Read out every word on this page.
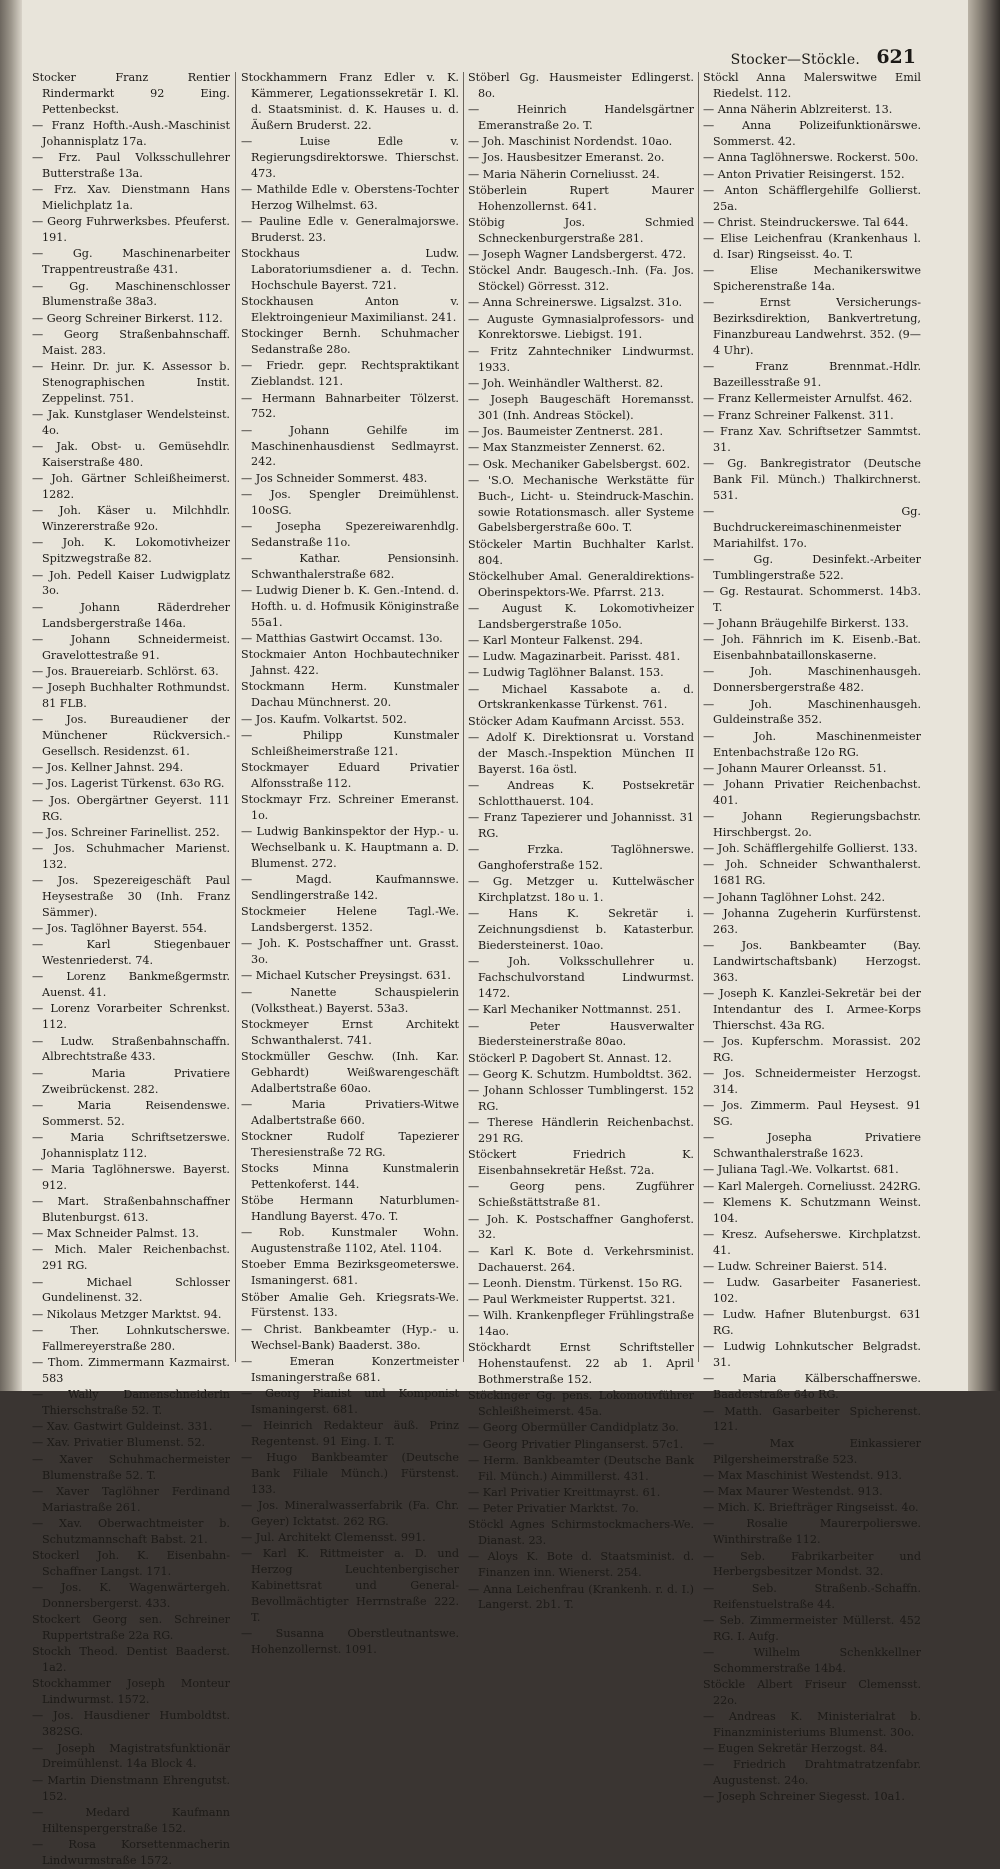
Stocker—Stöckle. 621
Stocker Franz Rentier Rindermarkt 92 Eing. Pettenbeckst.
— Franz Hofth.-Aush.-Maschinist Johannisplatz 17a.
— Frz. Paul Volksschullehrer Butterstraße 13a.
— Frz. Xav. Dienstmann Hans Mielichplatz 1a.
— Georg Fuhrwerksbes. Pfeuferst. 191.
— Gg. Maschinenarbeiter Trappentreustraße 431.
— Gg. Maschinenschlosser Blumenstraße 38a3.
— Georg Schreiner Birkerst. 112.
— Georg Straßenbahnschaff. Maist. 283.
— Heinr. Dr. jur. K. Assessor b. Stenographischen Instit. Zeppelinst. 751.
— Jak. Kunstglaser Wendelsteinst. 4o.
— Jak. Obst- u. Gemüsehdlr. Kaiserstraße 480.
— Joh. Gärtner Schleißheimerst. 1282.
— Joh. Käser u. Milchhdlr. Winzererstraße 92o.
— Joh. K. Lokomotivheizer Spitzwegstraße 82.
— Joh. Pedell Kaiser Ludwigplatz 3o.
— Johann Räderdreher Landsbergerstraße 146a.
— Johann Schneidermeist. Gravelottestraße 91.
— Jos. Brauereiarb. Schlörst. 63.
— Joseph Buchhalter Rothmundst. 81 FLB.
— Jos. Bureaudiener der Münchener Rückversich.-Gesellsch. Residenzst. 61.
— Jos. Kellner Jahnst. 294.
— Jos. Lagerist Türkenst. 63o RG.
— Jos. Obergärtner Geyerst. 111 RG.
— Jos. Schreiner Farinellist. 252.
— Jos. Schuhmacher Marienst. 132.
— Jos. Spezereigeschäft Paul Heysestraße 30 (Inh. Franz Sämmer).
— Jos. Taglöhner Bayerst. 554.
— Karl Stiegenbauer Westenriederst. 74.
— Lorenz Bankmeßgermstr. Auenst. 41.
— Lorenz Vorarbeiter Schrenkst. 112.
— Ludw. Straßenbahnschaffn. Albrechtstraße 433.
— Maria Privatiere Zweibrückenst. 282.
— Maria Reisendenswe. Sommerst. 52.
— Maria Schriftsetzerswe. Johannisplatz 112.
— Maria Taglöhnerswe. Bayerst. 912.
— Mart. Straßenbahnschaffner Blutenburgst. 613.
— Max Schneider Palmst. 13.
— Mich. Maler Reichenbachst. 291 RG.
— Michael Schlosser Gundelinenst. 32.
— Nikolaus Metzger Marktst. 94.
— Ther. Lohnkutscherswe. Fallmereyerstraße 280.
— Thom. Zimmermann Kazmairst. 583
— Wally Damenschneiderin Thierschstraße 52. T.
— Xav. Gastwirt Guldeinst. 331.
— Xav. Privatier Blumenst. 52.
— Xaver Schuhmachermeister Blumenstraße 52. T.
— Xaver Taglöhner Ferdinand Mariastraße 261.
— Xav. Oberwachtmeister b. Schutzmannschaft Babst. 21.
Stockerl Joh. K. Eisenbahn-Schaffner Langst. 171.
— Jos. K. Wagenwärtergeh. Donnersbergerst. 433.
Stockert Georg sen. Schreiner Ruppertstraße 22a RG.
Stockh Theod. Dentist Baaderst. 1a2.
Stockhammer Joseph Monteur Lindwurmst. 1572.
— Jos. Hausdiener Humboldtst. 382SG.
— Joseph Magistratsfunktionär Dreimühlenst. 14a Block 4.
— Martin Dienstmann Ehrengutst. 152.
— Medard Kaufmann Hiltenspergerstraße 152.
— Rosa Korsettenmacherin Lindwurmstraße 1572.
Stockhammern Franz Edler v. K. Kämmerer, Legationssekretär I. Kl. d. Staatsminist. d. K. Hauses u. d. Äußern Bruderst. 22.
— Luise Edle v. Regierungsdirektorswe. Thierschst. 473.
— Mathilde Edle v. Oberstens-Tochter Herzog Wilhelmst. 63.
— Pauline Edle v. Generalmajorswe. Bruderst. 23.
Stockhaus Ludw. Laboratoriumsdiener a. d. Techn. Hochschule Bayerst. 721.
Stockhausen Anton v. Elektroingenieur Maximilianst. 241.
Stockinger Bernh. Schuhmacher Sedanstraße 28o.
— Friedr. gepr. Rechtspraktikant Zieblandst. 121.
— Hermann Bahnarbeiter Tölzerst. 752.
— Johann Gehilfe im Maschinenhausdienst Sedlmayrst. 242.
— Jos Schneider Sommerst. 483.
— Jos. Spengler Dreimühlenst. 10oSG.
— Josepha Spezereiwarenhdlg. Sedanstraße 11o.
— Kathar. Pensionsinh. Schwanthalerstraße 682.
— Ludwig Diener b. K. Gen.-Intend. d. Hofth. u. d. Hofmusik Königinstraße 55a1.
— Matthias Gastwirt Occamst. 13o.
Stockmaier Anton Hochbautechniker Jahnst. 422.
Stockmann Herm. Kunstmaler Dachau Münchnerst. 20.
— Jos. Kaufm. Volkartst. 502.
— Philipp Kunstmaler Schleißheimerstraße 121.
Stockmayer Eduard Privatier Alfonsstraße 112.
Stockmayr Frz. Schreiner Emeranst. 1o.
— Ludwig Bankinspektor der Hyp.- u. Wechselbank u. K. Hauptmann a. D. Blumenst. 272.
— Magd. Kaufmannswe. Sendlingerstraße 142.
Stockmeier Helene Tagl.-We. Landsbergerst. 1352.
— Joh. K. Postschaffner unt. Grasst. 3o.
— Michael Kutscher Preysingst. 631.
— Nanette Schauspielerin (Volkstheat.) Bayerst. 53a3.
Stockmeyer Ernst Architekt Schwanthalerst. 741.
Stockmüller Geschw. (Inh. Kar. Gebhardt) Weißwarengeschäft Adalbertstraße 60ao.
— Maria Privatiers-Witwe Adalbertstraße 660.
Stockner Rudolf Tapezierer Theresienstraße 72 RG.
Stocks Minna Kunstmalerin Pettenkoferst. 144.
Stöbe Hermann Naturblumen-Handlung Bayerst. 47o. T.
— Rob. Kunstmaler Wohn. Augustenstraße 1102, Atel. 1104.
Stoeber Emma Bezirksgeometerswe. Ismaningerst. 681.
Stöber Amalie Geh. Kriegsrats-We. Fürstenst. 133.
— Christ. Bankbeamter (Hyp.- u. Wechsel-Bank) Baaderst. 38o.
— Emeran Konzertmeister Ismaningerstraße 681.
— Georg Pianist und Komponist Ismaningerst. 681.
— Heinrich Redakteur äuß. Prinz Regentenst. 91 Eing. I. T.
— Hugo Bankbeamter (Deutsche Bank Filiale Münch.) Fürstenst. 133.
— Jos. Mineralwasserfabrik (Fa. Chr. Geyer) Icktatst. 262 RG.
— Jul. Architekt Clemensst. 991.
— Karl K. Rittmeister a. D. und Herzog Leuchtenbergischer Kabinettsrat und General-Bevollmächtigter Herrnstraße 222. T.
— Susanna Oberstleutnantswe. Hohenzollernst. 1091.
Stöberl Gg. Hausmeister Edlingerst. 8o.
— Heinrich Handelsgärtner Emeranstraße 2o. T.
— Joh. Maschinist Nordendst. 10ao.
— Jos. Hausbesitzer Emeranst. 2o.
— Maria Näherin Corneliusst. 24.
Stöberlein Rupert Maurer Hohenzollernst. 641.
Stöbig Jos. Schmied Schneckenburgerstraße 281.
— Joseph Wagner Landsbergerst. 472.
Stöckel Andr. Baugesch.-Inh. (Fa. Jos. Stöckel) Görresst. 312.
— Anna Schreinerswe. Ligsalzst. 31o.
— Auguste Gymnasialprofessors- und Konrektorswe. Liebigst. 191.
— Fritz Zahntechniker Lindwurmst. 1933.
— Joh. Weinhändler Waltherst. 82.
— Joseph Baugeschäft Horemansst. 301 (Inh. Andreas Stöckel).
— Jos. Baumeister Zentnerst. 281.
— Max Stanzmeister Zennerst. 62.
— Osk. Mechaniker Gabelsbergst. 602.
— 'S.O. Mechanische Werkstätte für Buch-, Licht- u. Steindruck-Maschin. sowie Rotationsmasch. aller Systeme Gabelsbergerstraße 60o. T.
Stöckeler Martin Buchhalter Karlst. 804.
Stöckelhuber Amal. Generaldirektions-Oberinspektors-We. Pfarrst. 213.
— August K. Lokomotivheizer Landsbergerstraße 105o.
— Karl Monteur Falkenst. 294.
— Ludw. Magazinarbeit. Parisst. 481.
— Ludwig Taglöhner Balanst. 153.
— Michael Kassabote a. d. Ortskrankenkasse Türkenst. 761.
Stöcker Adam Kaufmann Arcisst. 553.
— Adolf K. Direktionsrat u. Vorstand der Masch.-Inspektion München II Bayerst. 16a östl.
— Andreas K. Postsekretär Schlotthauerst. 104.
— Franz Tapezierer und Johannisst. 31 RG.
— Frzka. Taglöhnerswe. Ganghoferstraße 152.
— Gg. Metzger u. Kuttelwäscher Kirchplatzst. 18o u. 1.
— Hans K. Sekretär i. Zeichnungsdienst b. Katasterbur. Biedersteinerst. 10ao.
— Joh. Volksschullehrer u. Fachschulvorstand Lindwurmst. 1472.
— Karl Mechaniker Nottmannst. 251.
— Peter Hausverwalter Biedersteinerstraße 80ao.
Stöckerl P. Dagobert St. Annast. 12.
— Georg K. Schutzm. Humboldtst. 362.
— Johann Schlosser Tumblingerst. 152 RG.
— Therese Händlerin Reichenbachst. 291 RG.
Stöckert Friedrich K. Eisenbahnsekretär Heßst. 72a.
— Georg pens. Zugführer Schießstättstraße 81.
— Joh. K. Postschaffner Ganghoferst. 32.
— Karl K. Bote d. Verkehrsminist. Dachauerst. 264.
— Leonh. Dienstm. Türkenst. 15o RG.
— Paul Werkmeister Ruppertst. 321.
— Wilh. Krankenpfleger Frühlingstraße 14ao.
Stöckhardt Ernst Schriftsteller Hohenstaufenst. 22 ab 1. April Bothmerstraße 152.
Stöckinger Gg. pens. Lokomotivführer Schleißheimerst. 45a.
— Georg Obermüller Candidplatz 3o.
— Georg Privatier Plinganserst. 57c1.
— Herm. Bankbeamter (Deutsche Bank Fil. Münch.) Aimmillerst. 431.
— Karl Privatier Kreittmayrst. 61.
— Peter Privatier Marktst. 7o.
Stöckl Agnes Schirmstockmachers-We. Dianast. 23.
— Aloys K. Bote d. Staatsminist. d. Finanzen inn. Wienerst. 254.
— Anna Leichenfrau (Krankenh. r. d. I.) Langerst. 2b1. T.
Stöckl Anna Malerswitwe Emil Riedelst. 112.
— Anna Näherin Ablzreiterst. 13.
— Anna Polizeifunktionärswe. Sommerst. 42.
— Anna Taglöhnerswe. Rockerst. 50o.
— Anton Privatier Reisingerst. 152.
— Anton Schäfflergehilfe Gollierst. 25a.
— Christ. Steindruckerswe. Tal 644.
— Elise Leichenfrau (Krankenhaus l. d. Isar) Ringseisst. 4o. T.
— Elise Mechanikerswitwe Spicherenstraße 14a.
— Ernst Versicherungs-Bezirksdirektion, Bankvertretung, Finanzbureau Landwehrst. 352. (9—4 Uhr).
— Franz Brennmat.-Hdlr. Bazeillesstraße 91.
— Franz Kellermeister Arnulfst. 462.
— Franz Schreiner Falkenst. 311.
— Franz Xav. Schriftsetzer Sammtst. 31.
— Gg. Bankregistrator (Deutsche Bank Fil. Münch.) Thalkirchnerst. 531.
— Gg. Buchdruckereimaschinenmeister Mariahilfst. 17o.
— Gg. Desinfekt.-Arbeiter Tumblingerstraße 522.
— Gg. Restaurat. Schommerst. 14b3. T.
— Johann Bräugehilfe Birkerst. 133.
— Joh. Fähnrich im K. Eisenb.-Bat. Eisenbahnbataillonskaserne.
— Joh. Maschinenhausgeh. Donnersbergerstraße 482.
— Joh. Maschinenhausgeh. Guldeinstraße 352.
— Joh. Maschinenmeister Entenbachstraße 12o RG.
— Johann Maurer Orleansst. 51.
— Johann Privatier Reichenbachst. 401.
— Johann Regierungsbachstr. Hirschbergst. 2o.
— Joh. Schäfflergehilfe Gollierst. 133.
— Joh. Schneider Schwanthalerst. 1681 RG.
— Johann Taglöhner Lohst. 242.
— Johanna Zugeherin Kurfürstenst. 263.
— Jos. Bankbeamter (Bay. Landwirtschaftsbank) Herzogst. 363.
— Joseph K. Kanzlei-Sekretär bei der Intendantur des I. Armee-Korps Thierschst. 43a RG.
— Jos. Kupferschm. Morassist. 202 RG.
— Jos. Schneidermeister Herzogst. 314.
— Jos. Zimmerm. Paul Heysest. 91 SG.
— Josepha Privatiere Schwanthalerstraße 1623.
— Juliana Tagl.-We. Volkartst. 681.
— Karl Malergeh. Corneliusst. 242RG.
— Klemens K. Schutzmann Weinst. 104.
— Kresz. Aufseherswe. Kirchplatzst. 41.
— Ludw. Schreiner Baierst. 514.
— Ludw. Gasarbeiter Fasaneriest. 102.
— Ludw. Hafner Blutenburgst. 631 RG.
— Ludwig Lohnkutscher Belgradst. 31.
— Maria Kälberschaffnerswe. Baaderstraße 64o RG.
— Matth. Gasarbeiter Spicherenst. 121.
— Max Einkassierer Pilgersheimerstraße 523.
— Max Maschinist Westendst. 913.
— Max Maurer Westendst. 913.
— Mich. K. Briefträger Ringseisst. 4o.
— Rosalie Maurerpolierswe. Winthirstraße 112.
— Seb. Fabrikarbeiter und Herbergsbesitzer Mondst. 32.
— Seb. Straßenb.-Schaffn. Reifenstuelstraße 44.
— Seb. Zimmermeister Müllerst. 452 RG. I. Aufg.
— Wilhelm Schenkkellner Schommerstraße 14b4.
Stöckle Albert Friseur Clemensst. 22o.
— Andreas K. Ministerialrat b. Finanzministeriums Blumenst. 30o.
— Eugen Sekretär Herzogst. 84.
— Friedrich Drahtmatratzenfabr. Augustenst. 24o.
— Joseph Schreiner Siegesst. 10a1.
